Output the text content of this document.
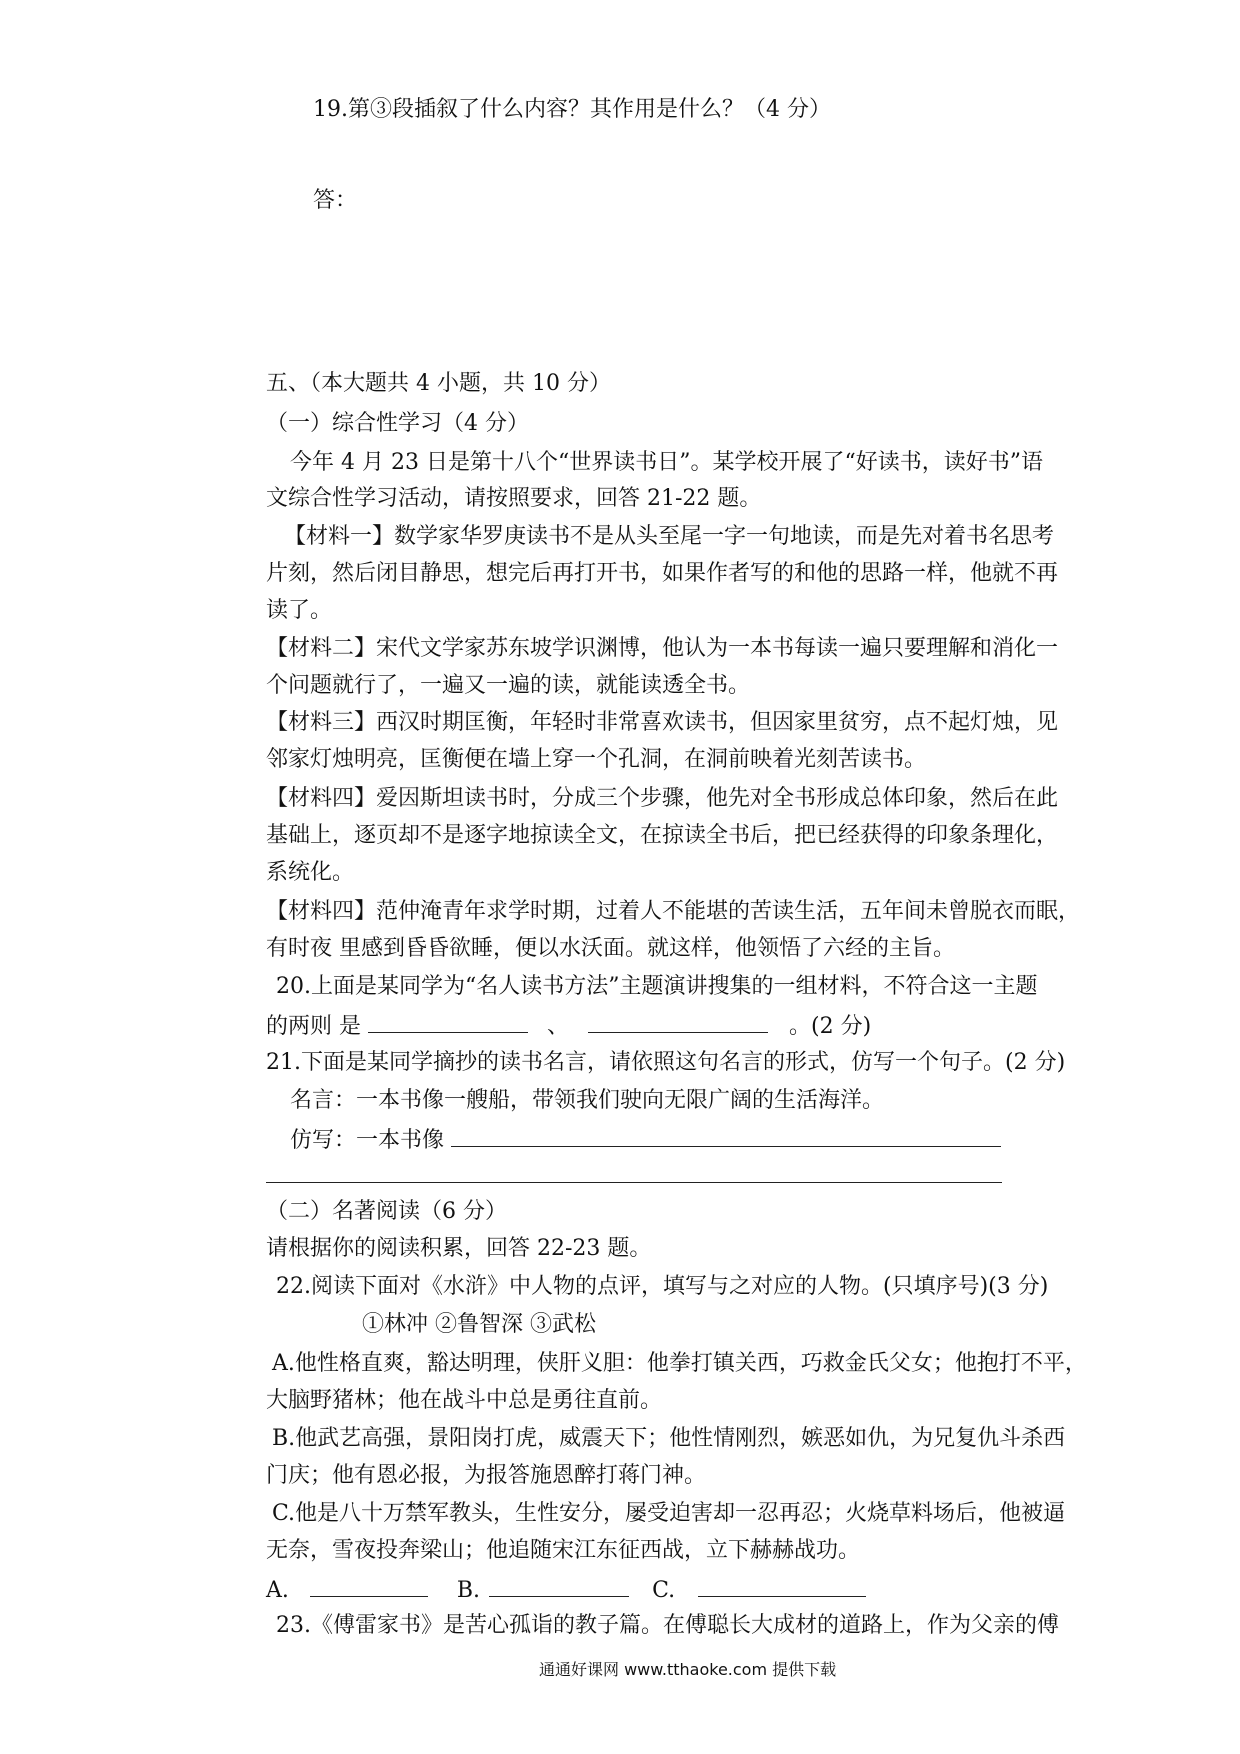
19.第③段插叙了什么内容？其作用是什么？（4 分）
答：
五、（本大题共 4 小题，共 10 分）
（一）综合性学习（4 分）
今年 4 月 23 日是第十八个“世界读书日”。某学校开展了“好读书，读好书”语
文综合性学习活动，请按照要求，回答 21-22 题。
【材料一】数学家华罗庚读书不是从头至尾一字一句地读，而是先对着书名思考
片刻，然后闭目静思，想完后再打开书，如果作者写的和他的思路一样，他就不再
读了。
【材料二】宋代文学家苏东坡学识渊博，他认为一本书每读一遍只要理解和消化一
个问题就行了，一遍又一遍的读，就能读透全书。
【材料三】西汉时期匡衡，年轻时非常喜欢读书，但因家里贫穷，点不起灯烛，见
邻家灯烛明亮，匡衡便在墙上穿一个孔洞，在洞前映着光刻苦读书。
【材料四】爱因斯坦读书时，分成三个步骤，他先对全书形成总体印象，然后在此
基础上，逐页却不是逐字地掠读全文，在掠读全书后，把已经获得的印象条理化，
系统化。
【材料四】范仲淹青年求学时期，过着人不能堪的苦读生活，五年间未曾脱衣而眠，
有时夜 里感到昏昏欲睡，便以水沃面。就这样，他领悟了六经的主旨。
20.上面是某同学为“名人读书方法”主题演讲搜集的一组材料，不符合这一主题
的两则 是	、	。(2 分)
21.下面是某同学摘抄的读书名言，请依照这句名言的形式，仿写一个句子。(2 分)
名言：一本书像一艘船，带领我们驶向无限广阔的生活海洋。
仿写：一本书像
（二）名著阅读（6 分）
请根据你的阅读积累，回答 22-23 题。
22.阅读下面对《水浒》中人物的点评，填写与之对应的人物。(只填序号)(3 分)
①林冲 ②鲁智深 ③武松
A.他性格直爽，豁达明理，侠肝义胆：他拳打镇关西，巧救金氏父女；他抱打不平，
大脑野猪林；他在战斗中总是勇往直前。
B.他武艺高强，景阳岗打虎，威震天下；他性情刚烈，嫉恶如仇，为兄复仇斗杀西
门庆；他有恩必报，为报答施恩醉打蒋门神。
C.他是八十万禁军教头，生性安分，屡受迫害却一忍再忍；火烧草料场后，他被逼
无奈，雪夜投奔梁山；他追随宋江东征西战，立下赫赫战功。
A.	B.	C.
23.《傅雷家书》是苦心孤诣的教子篇。在傅聪长大成材的道路上，作为父亲的傅
通通好课网 www.tthaoke.com 提供下载
